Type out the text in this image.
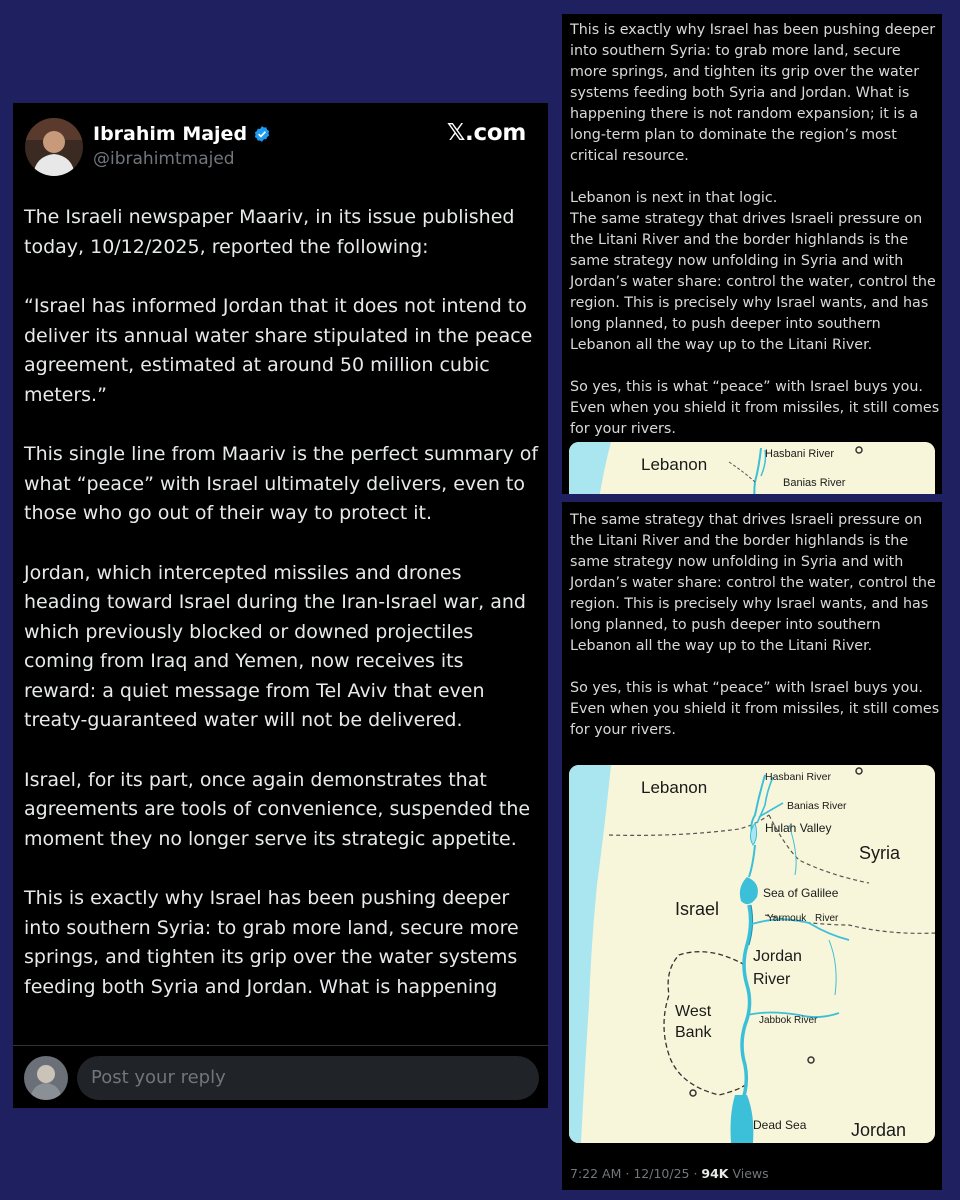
Ibrahim Majed
@ibrahimtmajed
𝕏.com

The Israeli newspaper Maariv, in its issue published today, 10/12/2025, reported the following:

“Israel has informed Jordan that it does not intend to deliver its annual water share stipulated in the peace agreement, estimated at around 50 million cubic meters.”

This single line from Maariv is the perfect summary of what “peace” with Israel ultimately delivers, even to those who go out of their way to protect it.

Jordan, which intercepted missiles and drones heading toward Israel during the Iran-Israel war, and which previously blocked or downed projectiles coming from Iraq and Yemen, now receives its reward: a quiet message from Tel Aviv that even treaty-guaranteed water will not be delivered.

Israel, for its part, once again demonstrates that agreements are tools of convenience, suspended the moment they no longer serve its strategic appetite.

This is exactly why Israel has been pushing deeper into southern Syria: to grab more land, secure more springs, and tighten its grip over the water systems feeding both Syria and Jordan. What is happening

Post your reply

This is exactly why Israel has been pushing deeper into southern Syria: to grab more land, secure more springs, and tighten its grip over the water systems feeding both Syria and Jordan. What is happening there is not random expansion; it is a long-term plan to dominate the region’s most critical resource.

Lebanon is next in that logic.
The same strategy that drives Israeli pressure on the Litani River and the border highlands is the same strategy now unfolding in Syria and with Jordan’s water share: control the water, control the region. This is precisely why Israel wants, and has long planned, to push deeper into southern Lebanon all the way up to the Litani River.

So yes, this is what “peace” with Israel buys you. Even when you shield it from missiles, it still comes for your rivers.

Lebanon
Hasbani River
Banias River

The same strategy that drives Israeli pressure on the Litani River and the border highlands is the same strategy now unfolding in Syria and with Jordan’s water share: control the water, control the region. This is precisely why Israel wants, and has long planned, to push deeper into southern Lebanon all the way up to the Litani River.

So yes, this is what “peace” with Israel buys you. Even when you shield it from missiles, it still comes for your rivers.

Lebanon
Hasbani River
Banias River
Hulah Valley
Syria
Sea of Galilee
Israel	Yarmouk River
Jordan
River
West
Bank
Jabbok River
Dead Sea Jordan
7:22 AM · 12/10/25 · 94K Views
